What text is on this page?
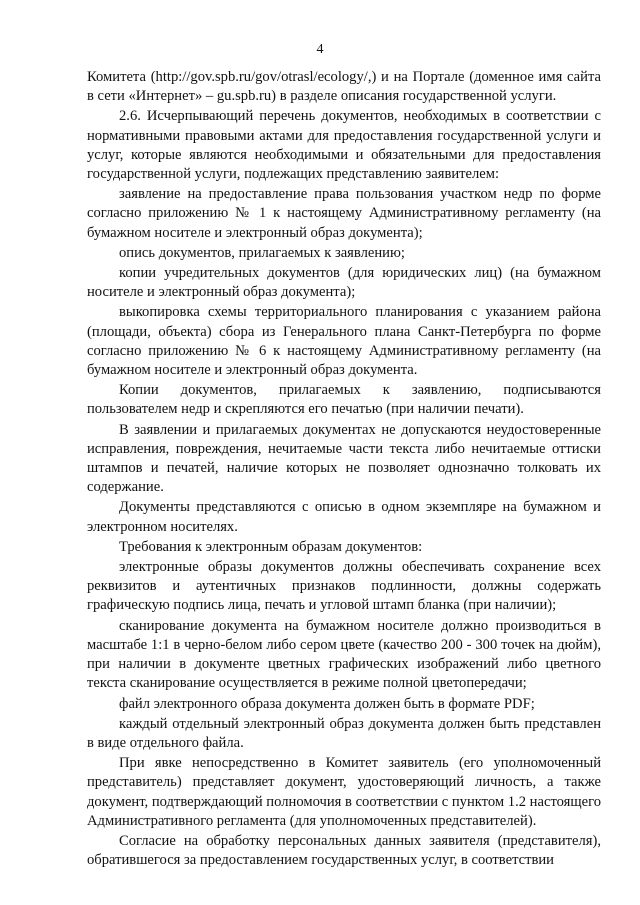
4

Комитета (http://gov.spb.ru/gov/otrasl/ecology/,) и на Портале (доменное имя сайта в сети «Интернет» – gu.spb.ru) в разделе описания государственной услуги.

2.6. Исчерпывающий перечень документов, необходимых в соответствии с нормативными правовыми актами для предоставления государственной услуги и услуг, которые являются необходимыми и обязательными для предоставления государственной услуги, подлежащих представлению заявителем:

заявление на предоставление права пользования участком недр по форме согласно приложению № 1 к настоящему Административному регламенту (на бумажном носителе и электронный образ документа);

опись документов, прилагаемых к заявлению;

копии учредительных документов (для юридических лиц) (на бумажном носителе и электронный образ документа);

выкопировка схемы территориального планирования с указанием района (площади, объекта) сбора из Генерального плана Санкт-Петербурга по форме согласно приложению № 6 к настоящему Административному регламенту (на бумажном носителе и электронный образ документа.

Копии документов, прилагаемых к заявлению, подписываются пользователем недр и скрепляются его печатью (при наличии печати).

В заявлении и прилагаемых документах не допускаются неудостоверенные исправления, повреждения, нечитаемые части текста либо нечитаемые оттиски штампов и печатей, наличие которых не позволяет однозначно толковать их содержание.

Документы представляются с описью в одном экземпляре на бумажном и электронном носителях.

Требования к электронным образам документов:

электронные образы документов должны обеспечивать сохранение всех реквизитов и аутентичных признаков подлинности, должны содержать графическую подпись лица, печать и угловой штамп бланка (при наличии);

сканирование документа на бумажном носителе должно производиться в масштабе 1:1 в черно-белом либо сером цвете (качество 200 - 300 точек на дюйм), при наличии в документе цветных графических изображений либо цветного текста сканирование осуществляется в режиме полной цветопередачи;

файл электронного образа документа должен быть в формате PDF;

каждый отдельный электронный образ документа должен быть представлен в виде отдельного файла.

При явке непосредственно в Комитет заявитель (его уполномоченный представитель) представляет документ, удостоверяющий личность, а также документ, подтверждающий полномочия в соответствии с пунктом 1.2 настоящего Административного регламента (для уполномоченных представителей).

Согласие на обработку персональных данных заявителя (представителя), обратившегося за предоставлением государственных услуг, в соответствии
